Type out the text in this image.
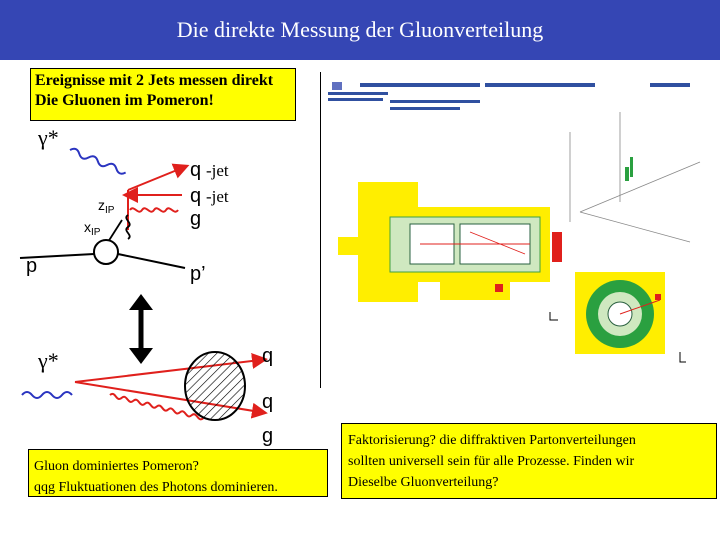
Die direkte Messung der Gluonverteilung
Ereignisse mit 2 Jets messen direkt
Die Gluonen im Pomeron!
γ*
q -jet
q -jet
g
$z_{IP}$
$x_{IP}$
p	p’
γ*	q
q
g
Gluon dominiertes Pomeron?
qqg Fluktuationen des Photons dominieren.
Faktorisierung? die diffraktiven Partonverteilungen
sollten universell sein für alle Prozesse. Finden wir
Dieselbe Gluonverteilung?
